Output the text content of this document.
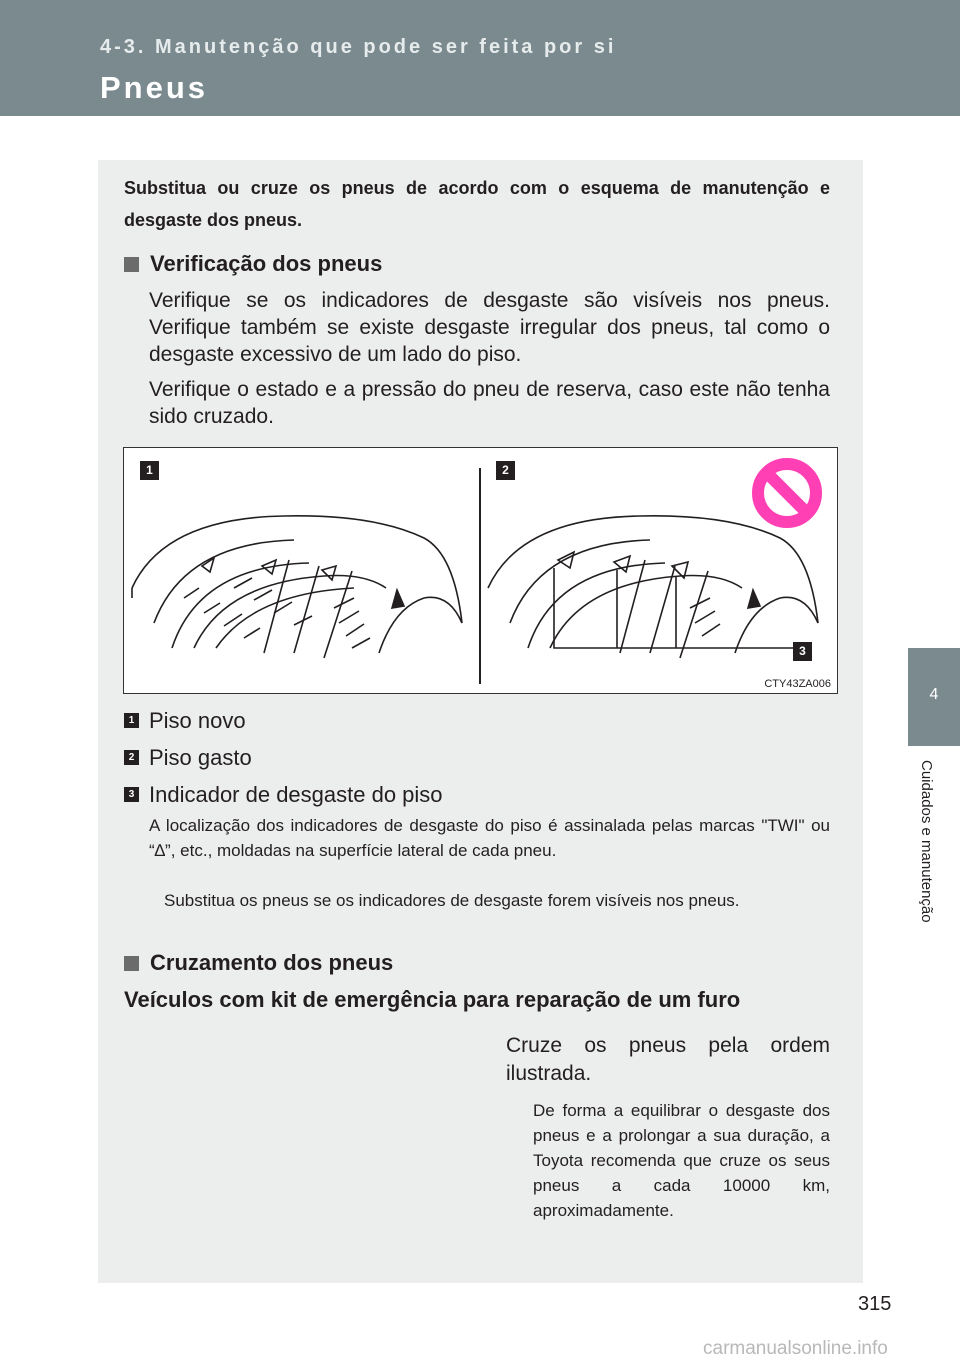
4-3. Manutenção que pode ser feita por si
Pneus
4
Cuidados e manutenção

Substitua ou cruze os pneus de acordo com o esquema de manutenção e desgaste dos pneus.

Verificação dos pneus

Verifique se os indicadores de desgaste são visíveis nos pneus. Verifique também se existe desgaste irregular dos pneus, tal como o desgaste excessivo de um lado do piso.

Verifique o estado e a pressão do pneu de reserva, caso este não tenha sido cruzado.

1	2
3
CTY43ZA006
1 Piso novo
2 Piso gasto
3 Indicador de desgaste do piso

A localização dos indicadores de desgaste do piso é assinalada pelas marcas "TWI" ou “∆”, etc., moldadas na superfície lateral de cada pneu.

Substitua os pneus se os indicadores de desgaste forem visíveis nos pneus.

Cruzamento dos pneus

Veículos com kit de emergência para reparação de um furo

Cruze os pneus pela ordem ilustrada.

De forma a equilibrar o desgaste dos pneus e a prolongar a sua duração, a Toyota recomenda que cruze os seus pneus a cada 10000 km, aproximadamente.

315
carmanualsonline.info
